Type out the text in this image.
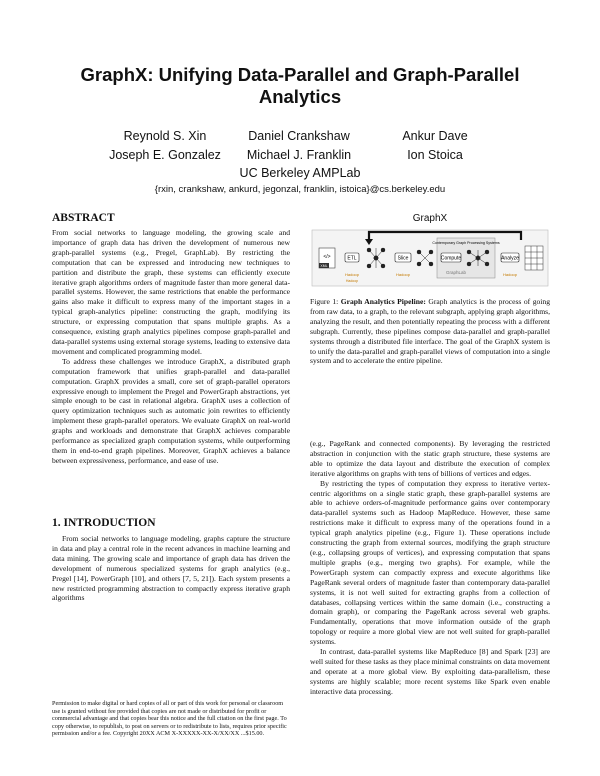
GraphX: Unifying Data-Parallel and Graph-Parallel
Analytics
Reynold S. Xin	Daniel Crankshaw	Ankur Dave
Joseph E. Gonzalez	Michael J. Franklin	Ion Stoica
UC Berkeley AMPLab
{rxin, crankshaw, ankurd, jegonzal, franklin, istoica}@cs.berkeley.edu
ABSTRACT

From social networks to language modeling, the growing scale and importance of graph data has driven the development of numerous new graph-parallel systems (e.g., Pregel, GraphLab). By restricting the computation that can be expressed and introducing new techniques to partition and distribute the graph, these systems can efficiently execute iterative graph algorithms orders of magnitude faster than more general data-parallel systems. However, the same restrictions that enable the performance gains also make it difficult to express many of the important stages in a typical graph-analytics pipeline: constructing the graph, modifying its structure, or expressing computation that spans multiple graphs. As a consequence, existing graph analytics pipelines compose graph-parallel and data-parallel systems using external storage systems, leading to extensive data movement and complicated programming model.

To address these challenges we introduce GraphX, a distributed graph computation framework that unifies graph-parallel and data-parallel computation. GraphX provides a small, core set of graph-parallel operators expressive enough to implement the Pregel and PowerGraph abstractions, yet simple enough to be cast in relational algebra. GraphX uses a collection of query optimization techniques such as automatic join rewrites to efficiently implement these graph-parallel operators. We evaluate GraphX on real-world graphs and workloads and demonstrate that GraphX achieves comparable performance as specialized graph computation systems, while outperforming them in end-to-end graph pipelines. Moreover, GraphX achieves a balance between expressiveness, performance, and ease of use.

1. INTRODUCTION

From social networks to language modeling, graphs capture the structure in data and play a central role in the recent advances in machine learning and data mining. The growing scale and importance of graph data has driven the development of numerous specialized systems for graph analytics (e.g., Pregel [14], PowerGraph [10], and others [7, 5, 21]). Each system presents a new restricted programming abstraction to compactly express iterative graph algorithms

Permission to make digital or hard copies of all or part of this work for personal or classroom use is granted without fee provided that copies are not made or distributed for profit or commercial advantage and that copies bear this notice and the full citation on the first page. To copy otherwise, to republish, to post on servers or to redistribute to lists, requires prior specific permission and/or a fee. Copyright 20XX ACM X-XXXXX-XX-X/XX/XX ...$15.00.
GraphX
</>
XML
ETL
Hadoop
Slice
Hadoop
Contemporary Graph Processing Systems
Compute
GraphLab
Analyze
Hadoop
Hadoop
Figure 1: Graph Analytics Pipeline: Graph analytics is the process of going from raw data, to a graph, to the relevant subgraph, applying graph algorithms, analyzing the result, and then potentially repeating the process with a different subgraph. Currently, these pipelines compose data-parallel and graph-parallel systems through a distributed file interface. The goal of the GraphX system is to unify the data-parallel and graph-parallel views of computation into a single system and to accelerate the entire pipeline.

(e.g., PageRank and connected components). By leveraging the restricted abstraction in conjunction with the static graph structure, these systems are able to optimize the data layout and distribute the execution of complex iterative algorithms on graphs with tens of billions of vertices and edges.

By restricting the types of computation they express to iterative vertex-centric algorithms on a single static graph, these graph-parallel systems are able to achieve orders-of-magnitude performance gains over contemporary data-parallel systems such as Hadoop MapReduce. However, these same restrictions make it difficult to express many of the operations found in a typical graph analytics pipeline (e.g., Figure 1). These operations include constructing the graph from external sources, modifying the graph structure (e.g., collapsing groups of vertices), and expressing computation that spans multiple graphs (e.g., merging two graphs). For example, while the PowerGraph system can compactly express and execute algorithms like PageRank several orders of magnitude faster than contemporary data-parallel systems, it is not well suited for extracting graphs from a collection of databases, collapsing vertices within the same domain (i.e., constructing a domain graph), or comparing the PageRank across several web graphs. Fundamentally, operations that move information outside of the graph topology or require a more global view are not well suited for graph-parallel systems.

In contrast, data-parallel systems like MapReduce [8] and Spark [23] are well suited for these tasks as they place minimal constraints on data movement and operate at a more global view. By exploiting data-parallelism, these systems are highly scalable; more recent systems like Spark even enable interactive data processing.
